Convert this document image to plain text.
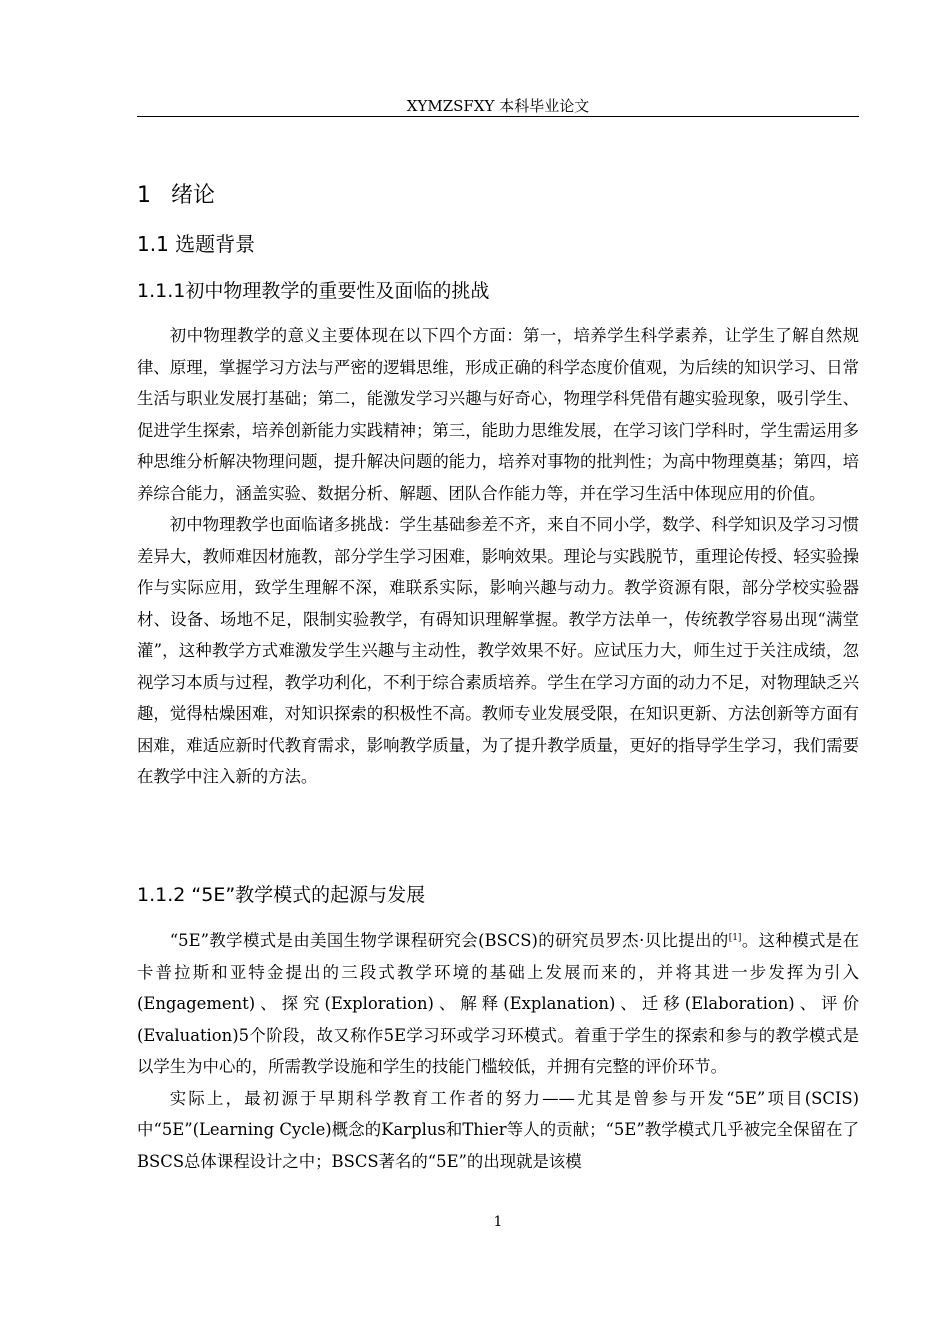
XYMZSFXY 本科毕业论文
1 绪论
1.1 选题背景
1.1.1初中物理教学的重要性及面临的挑战

初中物理教学的意义主要体现在以下四个方面：第一，培养学生科学素养，让学生了解自然规律、原理，掌握学习方法与严密的逻辑思维，形成正确的科学态度价值观，为后续的知识学习、日常生活与职业发展打基础；第二，能激发学习兴趣与好奇心，物理学科凭借有趣实验现象，吸引学生、促进学生探索，培养创新能力实践精神；第三，能助力思维发展，在学习该门学科时，学生需运用多种思维分析解决物理问题，提升解决问题的能力，培养对事物的批判性；为高中物理奠基；第四，培养综合能力，涵盖实验、数据分析、解题、团队合作能力等，并在学习生活中体现应用的价值。

初中物理教学也面临诸多挑战：学生基础参差不齐，来自不同小学，数学、科学知识及学习习惯差异大，教师难因材施教，部分学生学习困难，影响效果。理论与实践脱节，重理论传授、轻实验操作与实际应用，致学生理解不深，难联系实际，影响兴趣与动力。教学资源有限，部分学校实验器材、设备、场地不足，限制实验教学，有碍知识理解掌握。教学方法单一，传统教学容易出现“满堂灌”，这种教学方式难激发学生兴趣与主动性，教学效果不好。应试压力大，师生过于关注成绩，忽视学习本质与过程，教学功利化，不利于综合素质培养。学生在学习方面的动力不足，对物理缺乏兴趣，觉得枯燥困难，对知识探索的积极性不高。教师专业发展受限，在知识更新、方法创新等方面有困难，难适应新时代教育需求，影响教学质量，为了提升教学质量，更好的指导学生学习，我们需要在教学中注入新的方法。

1.1.2 “5E”教学模式的起源与发展

“5E”教学模式是由美国生物学课程研究会(BSCS)的研究员罗杰·贝比提出的[1]。这种模式是在卡普拉斯和亚特金提出的三段式教学环境的基础上发展而来的，并将其进一步发挥为引入(Engagement)、探究(Exploration)、解释(Explanation)、迁移(Elaboration)、评价(Evaluation)5个阶段，故又称作5E学习环或学习环模式。着重于学生的探索和参与的教学模式是以学生为中心的，所需教学设施和学生的技能门槛较低，并拥有完整的评价环节。

实际上，最初源于早期科学教育工作者的努力——尤其是曾参与开发“5E”项目(SCIS)中“5E”(Learning Cycle)概念的Karplus和Thier等人的贡献；“5E”教学模式几乎被完全保留在了BSCS总体课程设计之中；BSCS著名的“5E”的出现就是该模

1
